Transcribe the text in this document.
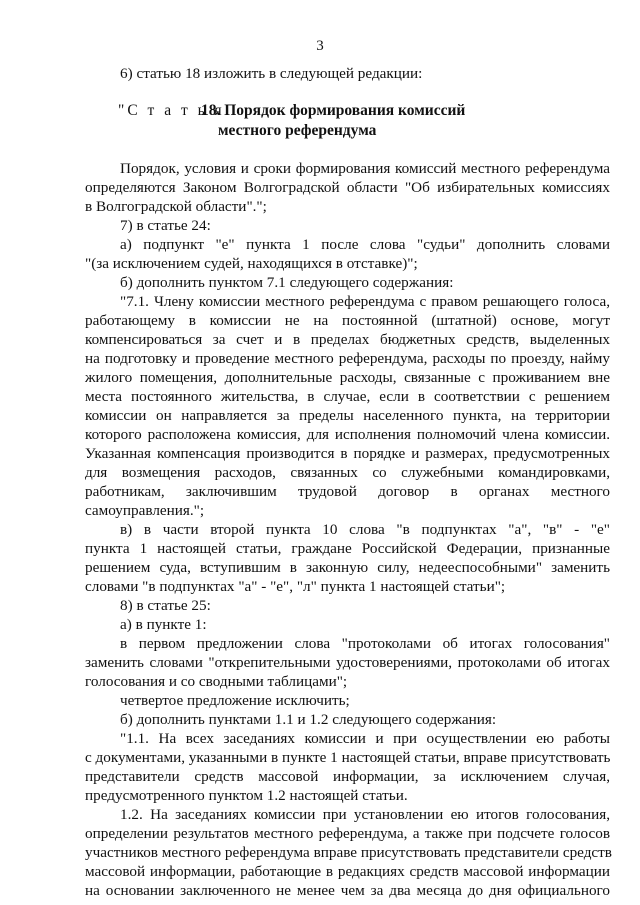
3
6) статью 18 изложить в следующей редакции:
"С т а т ь я
18. Порядок формирования комиссий
местного референдума
Порядок, условия и сроки формирования комиссий местного референдума
определяются Законом Волгоградской области "Об избирательных комиссиях
в Волгоградской области".";
7) в статье 24:
а) подпункт "е" пункта 1 после слова "судьи" дополнить словами
"(за исключением судей, находящихся в отставке)";
б) дополнить пунктом 7.1 следующего содержания:
"7.1. Члену комиссии местного референдума с правом решающего голоса,
работающему в комиссии не на постоянной (штатной) основе, могут
компенсироваться за счет и в пределах бюджетных средств, выделенных
на подготовку и проведение местного референдума, расходы по проезду, найму
жилого помещения, дополнительные расходы, связанные с проживанием вне
места постоянного жительства, в случае, если в соответствии с решением
комиссии он направляется за пределы населенного пункта, на территории
которого расположена комиссия, для исполнения полномочий члена комиссии.
Указанная компенсация производится в порядке и размерах, предусмотренных
для возмещения расходов, связанных со служебными командировками,
работникам, заключившим трудовой договор в органах местного
самоуправления.";
в) в части второй пункта 10 слова "в подпунктах "а", "в" - "е"
пункта 1 настоящей статьи, граждане Российской Федерации, признанные
решением суда, вступившим в законную силу, недееспособными" заменить
словами "в подпунктах "а" - "е", "л" пункта 1 настоящей статьи";
8) в статье 25:
а) в пункте 1:
в первом предложении слова "протоколами об итогах голосования"
заменить словами "открепительными удостоверениями, протоколами об итогах
голосования и со сводными таблицами";
четвертое предложение исключить;
б) дополнить пунктами 1.1 и 1.2 следующего содержания:
"1.1. На всех заседаниях комиссии и при осуществлении ею работы
с документами, указанными в пункте 1 настоящей статьи, вправе присутствовать
представители средств массовой информации, за исключением случая,
предусмотренного пунктом 1.2 настоящей статьи.
1.2. На заседаниях комиссии при установлении ею итогов голосования,
определении результатов местного референдума, а также при подсчете голосов
участников местного референдума вправе присутствовать представители средств
массовой информации, работающие в редакциях средств массовой информации
на основании заключенного не менее чем за два месяца до дня официального
